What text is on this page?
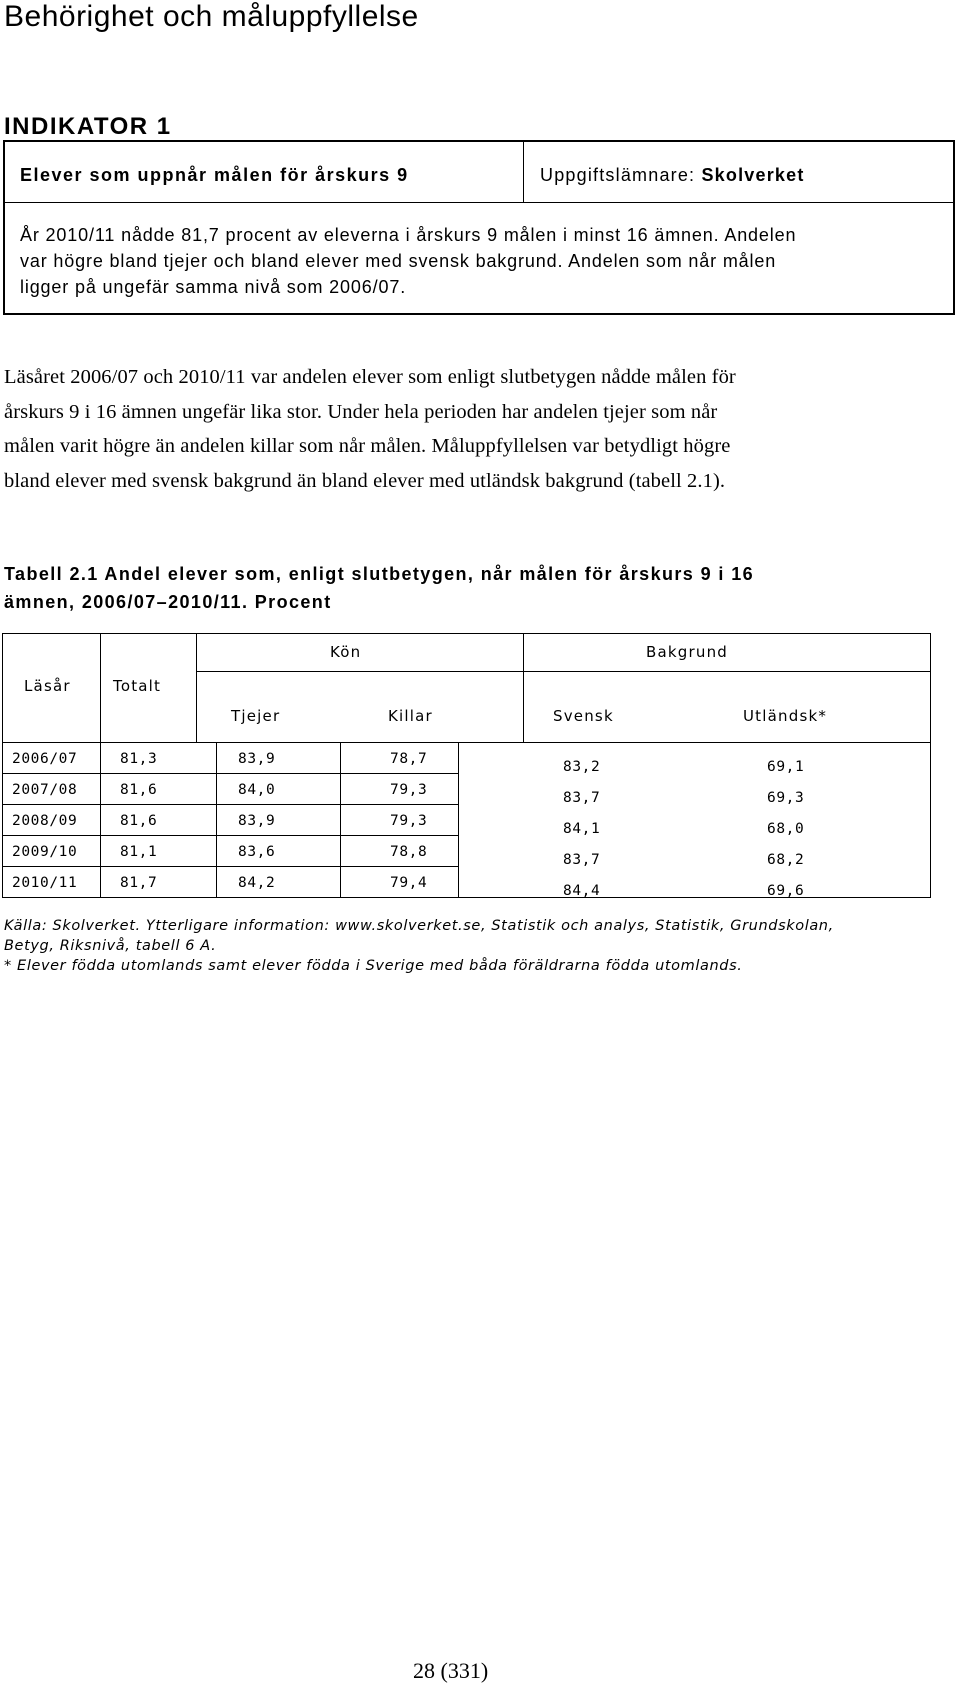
Behörighet och måluppfyllelse
INDIKATOR 1
Elever som uppnår målen för årskurs 9	Uppgiftslämnare: Skolverket
År 2010/11 nådde 81,7 procent av eleverna i årskurs 9 målen i minst 16 ämnen. Andelen
var högre bland tjejer och bland elever med svensk bakgrund. Andelen som når målen
ligger på ungefär samma nivå som 2006/07.
Läsåret 2006/07 och 2010/11 var andelen elever som enligt slutbetygen nådde målen för
årskurs 9 i 16 ämnen ungefär lika stor. Under hela perioden har andelen tjejer som når
målen varit högre än andelen killar som når målen. Måluppfyllelsen var betydligt högre
bland elever med svensk bakgrund än bland elever med utländsk bakgrund (tabell 2.1).
Tabell 2.1 Andel elever som, enligt slutbetygen, når målen för årskurs 9 i 16
ämnen, 2006/07–2010/11. Procent
Kön	Bakgrund
Läsår	Totalt
Tjejer	Killar	Svensk	Utländsk*
2006/07	81,3	83,9	78,7	83,2	69,1
2007/08	81,6	84,0	79,3	83,7	69,3
2008/09	81,6	83,9	79,3	84,1	68,0
2009/10	81,1	83,6	78,8	83,7	68,2
2010/11	81,7	84,2	79,4	84,4	69,6
Källa: Skolverket. Ytterligare information: www.skolverket.se, Statistik och analys, Statistik, Grundskolan,
Betyg, Riksnivå, tabell 6 A.
* Elever födda utomlands samt elever födda i Sverige med båda föräldrarna födda utomlands.
28 (331)
